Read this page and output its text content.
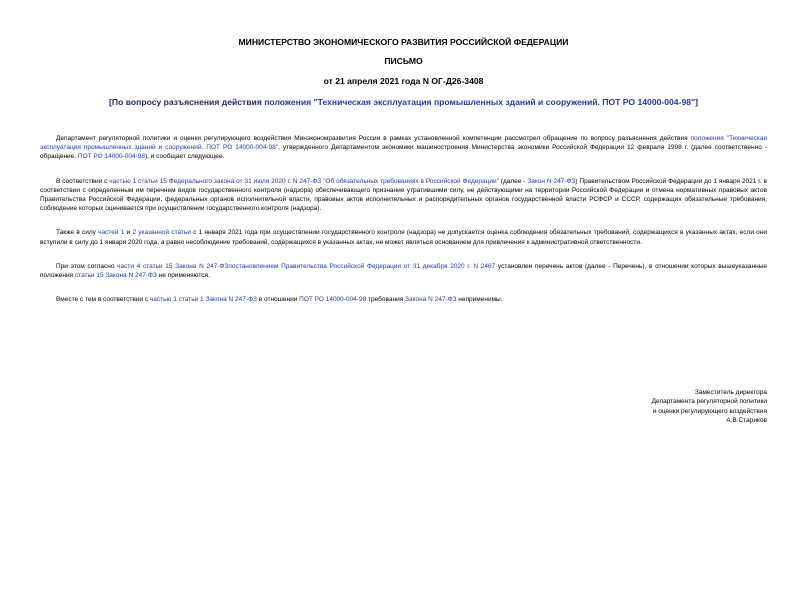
МИНИСТЕРСТВО ЭКОНОМИЧЕСКОГО РАЗВИТИЯ РОССИЙСКОЙ ФЕДЕРАЦИИ
ПИСЬМО
от 21 апреля 2021 года N ОГ-Д26-3408
[По вопросу разъяснения действия положения "Техническая эксплуатация промышленных зданий и сооружений. ПОТ РО 14000-004-98"]

Департамент регуляторной политики и оценки регулирующего воздействия Минэкономразвития России в рамках установленной компетенции рассмотрел обращение по вопросу разъяснения действия положения "Техническая эксплуатация промышленных зданий и сооружений. ПОТ РО 14000-004-98", утвержденного Департаментом экономики машиностроения Министерства экономики Российской Федерации 12 февраля 1998 г. (далее соответственно - обращение, ПОТ РО 14000-004-98), и сообщает следующее.

В соответствии с частью 1 статьи 15 Федерального закона от 31 июля 2020 г. N 247-ФЗ "Об обязательных требованиях в Российской Федерации" (далее - Закон N 247-ФЗ) Правительством Российской Федерации до 1 января 2021 г. в соответствии с определенным им перечнем видов государственного контроля (надзора) обеспечивающего признание утратившими силу, не действующими на территории Российской Федерации и отмена нормативных правовых актов Правительства Российской Федерации, федеральных органов исполнительной власти, правовых актов исполнительных и распорядительных органов государственной власти РСФСР и СССР, содержащих обязательные требования, соблюдение которых оценивается при осуществлении государственного контроля (надзора).

Также в силу частей 1 и 2 указанной статьи с 1 января 2021 года при осуществлении государственного контроля (надзора) не допускается оценка соблюдения обязательных требований, содержащихся в указанных актах, если они вступили в силу до 1 января 2020 года, а равно несоблюдение требований, содержащихся в указанных актах, не может являться основанием для привлечения к административной ответственности.

При этом согласно части 4 статьи 15 Закона N 247-ФЗпостановлением Правительства Российской Федерации от 31 декабря 2020 г. N 2467 установлен перечень актов (далее - Перечень), в отношении которых вышеуказанные положения статьи 15 Закона N 247-ФЗ не применяются.

Вместе с тем в соответствии с частью 1 статьи 1 Закона N 247-ФЗ в отношении ПОТ РО 14000-004-98 требования Закона N 247-ФЗ неприменимы.

Заместитель директора
Департамента регуляторной политики
и оценки регулирующего воздействия
А.В.Стариков
